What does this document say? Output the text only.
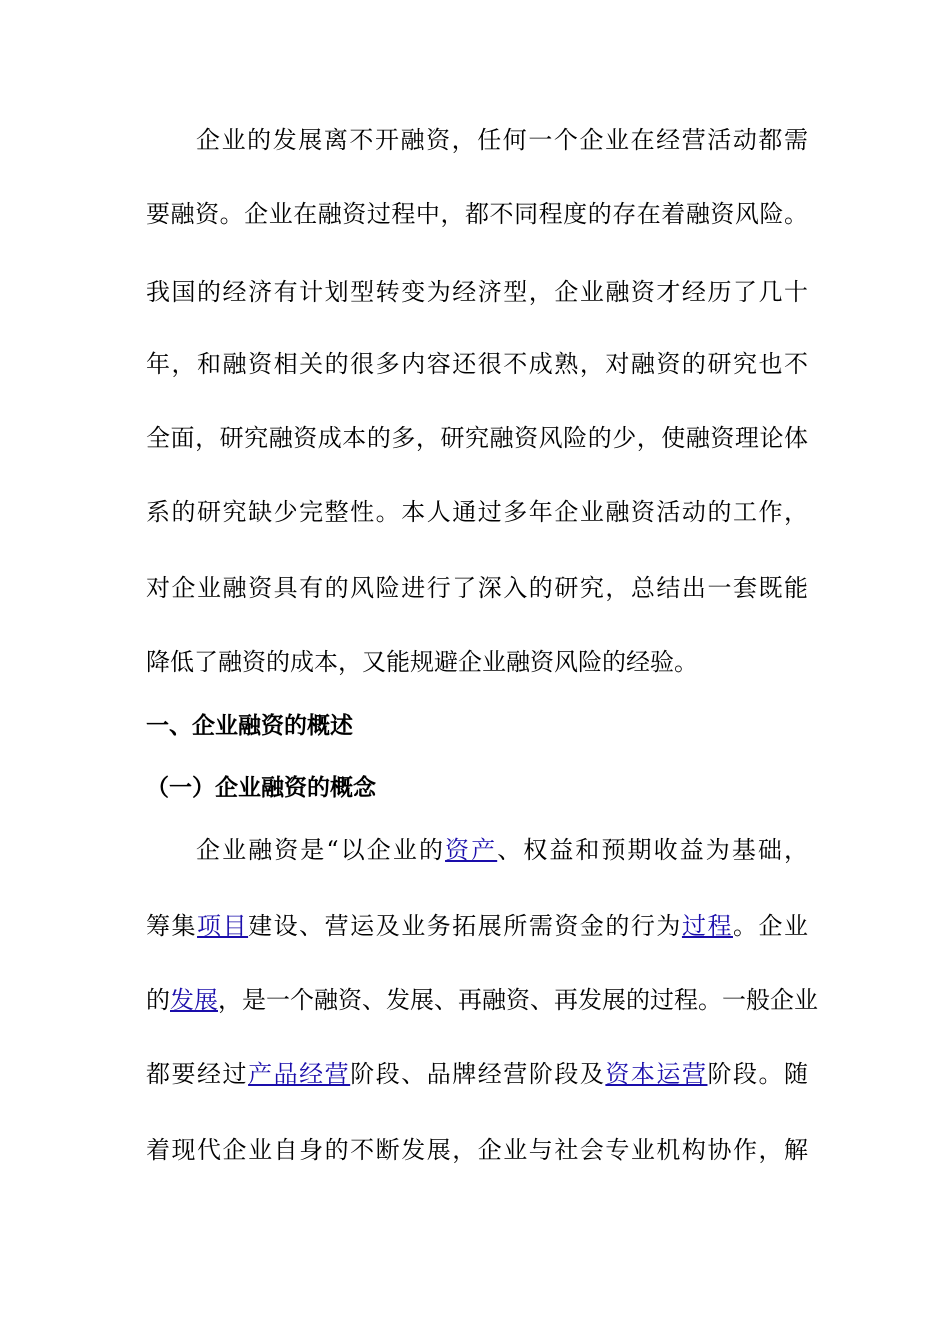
企业的发展离不开融资，任何一个企业在经营活动都需
要融资。企业在融资过程中，都不同程度的存在着融资风险。
我国的经济有计划型转变为经济型，企业融资才经历了几十
年，和融资相关的很多内容还很不成熟，对融资的研究也不
全面，研究融资成本的多，研究融资风险的少，使融资理论体
系的研究缺少完整性。本人通过多年企业融资活动的工作，
对企业融资具有的风险进行了深入的研究，总结出一套既能
降低了融资的成本，又能规避企业融资风险的经验。
一、企业融资的概述
（一）企业融资的概念
企业融资是“以企业的资产、权益和预期收益为基础，
筹集项目建设、营运及业务拓展所需资金的行为过程。企业
的发展，是一个融资、发展、再融资、再发展的过程。一般企业
都要经过产品经营阶段、品牌经营阶段及资本运营阶段。随
着现代企业自身的不断发展，企业与社会专业机构协作，解
